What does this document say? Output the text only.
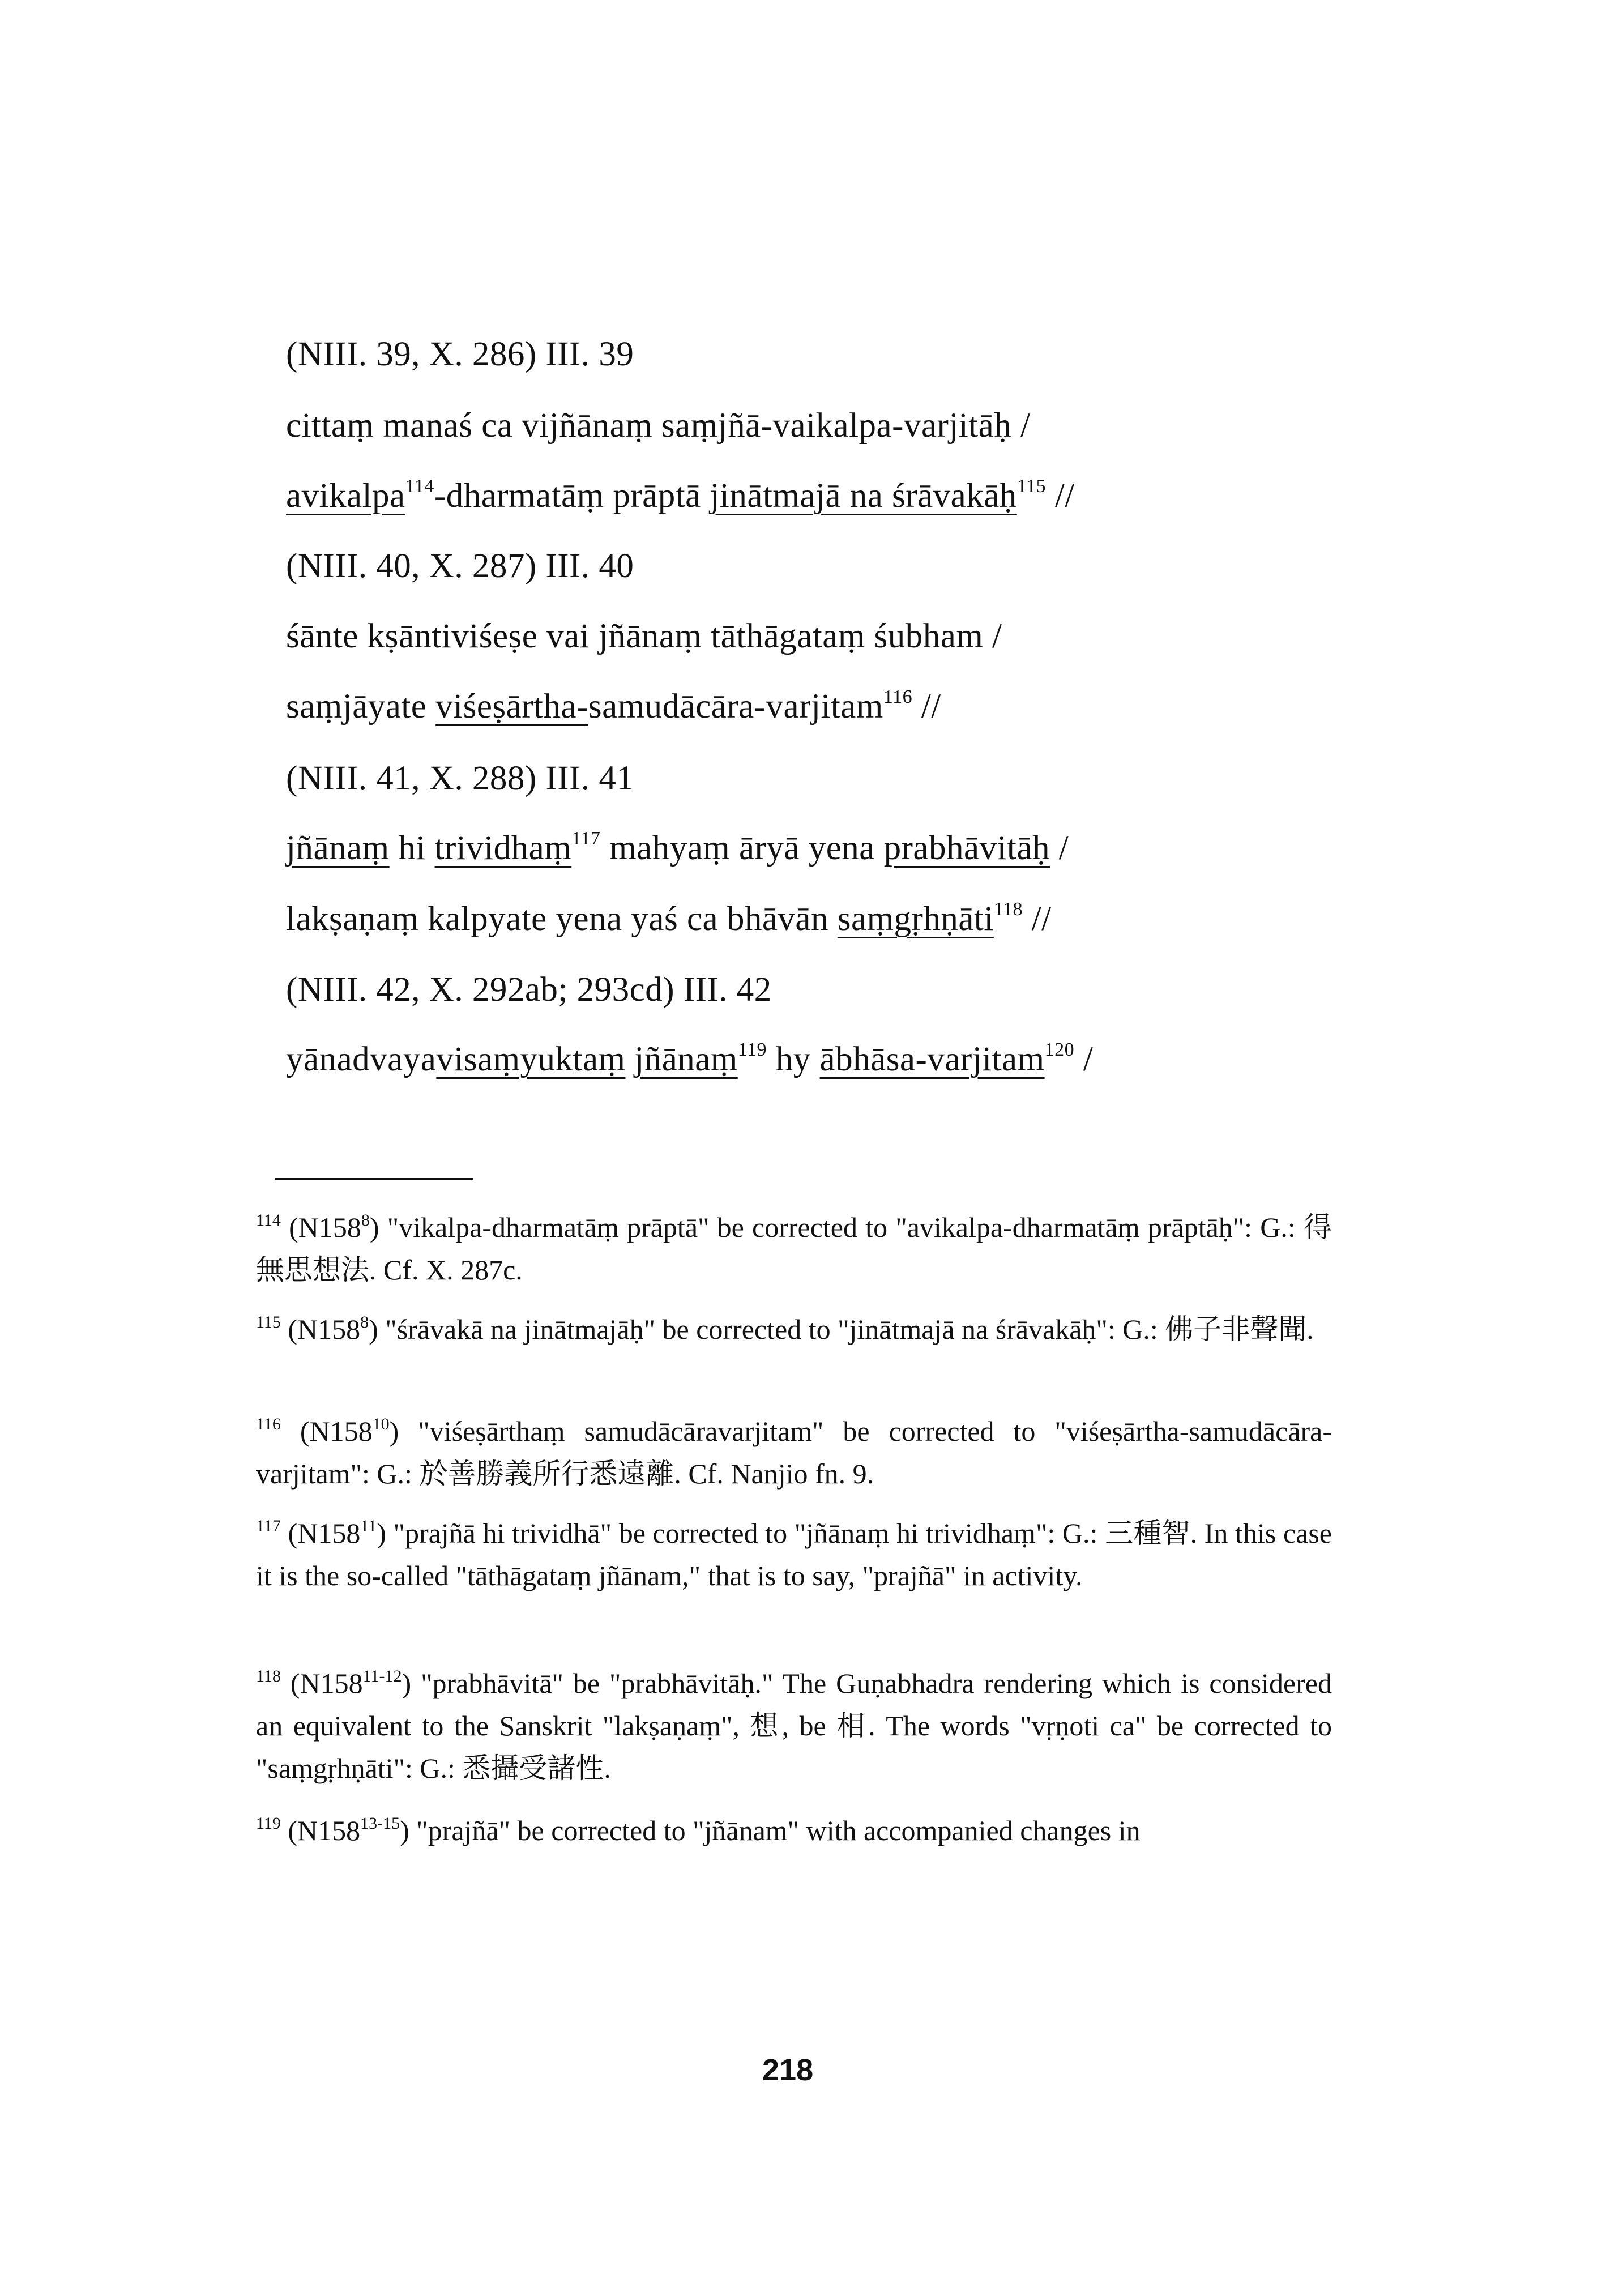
(NIII. 39, X. 286) III. 39

cittaṃ manaś ca vijñānaṃ saṃjñā-vaikalpa-varjitāḥ /

avikalpa$^{114}$-dharmatāṃ prāptā jinātmajā na śrāvakāḥ$^{115}$ //

(NIII. 40, X. 287) III. 40

śānte kṣāntiviśeṣe vai jñānaṃ tāthāgataṃ śubham /

saṃjāyate viśeṣārtha-samudācāra-varjitam$^{116}$ //

(NIII. 41, X. 288) III. 41

jñānaṃ hi trividhaṃ$^{117}$ mahyaṃ āryā yena prabhāvitāḥ /

lakṣaṇaṃ kalpyate yena yaś ca bhāvān saṃgṛhṇāti$^{118}$ //

(NIII. 42, X. 292ab; 293cd) III. 42

yānadvayavisaṃyuktaṃ jñānaṃ$^{119}$ hy ābhāsa-varjitam$^{120}$ /

$^{114}$ $(N158^8)$ "vikalpa-dharmatāṃ prāptā" be corrected to "avikalpa-dharmatāṃ prāptāḥ": G.: 得無思想法. Cf. X. 287c.

$^{115}$ $(N158^8)$ "śrāvakā na jinātmajāḥ" be corrected to "jinātmajā na śrāvakāḥ": G.: 佛子非聲聞.

$^{116}$ $(N158^{10})$ "viśeṣārthaṃ samudācāravarjitam" be corrected to "viśeṣārtha-samudācāra-varjitam": G.: 於善勝義所行悉遠離. Cf. Nanjio fn. 9.

$^{117}$ $(N158^{11})$ "prajñā hi trividhā" be corrected to "jñānaṃ hi trividhaṃ": G.: 三種智. In this case it is the so-called "tāthāgataṃ jñānam," that is to say, "prajñā" in activity.

$^{118}$ (N158$^{11-12}$) "prabhāvitā" be "prabhāvitāḥ." The Guṇabhadra rendering which is considered an equivalent to the Sanskrit "lakṣaṇaṃ", 想, be 相. The words "vṛṇoti ca" be corrected to "saṃgṛhṇāti": G.: 悉攝受諸性.

$^{119}$ (N158$^{13-15}$) "prajñā" be corrected to "jñānam" with accompanied changes in

218
